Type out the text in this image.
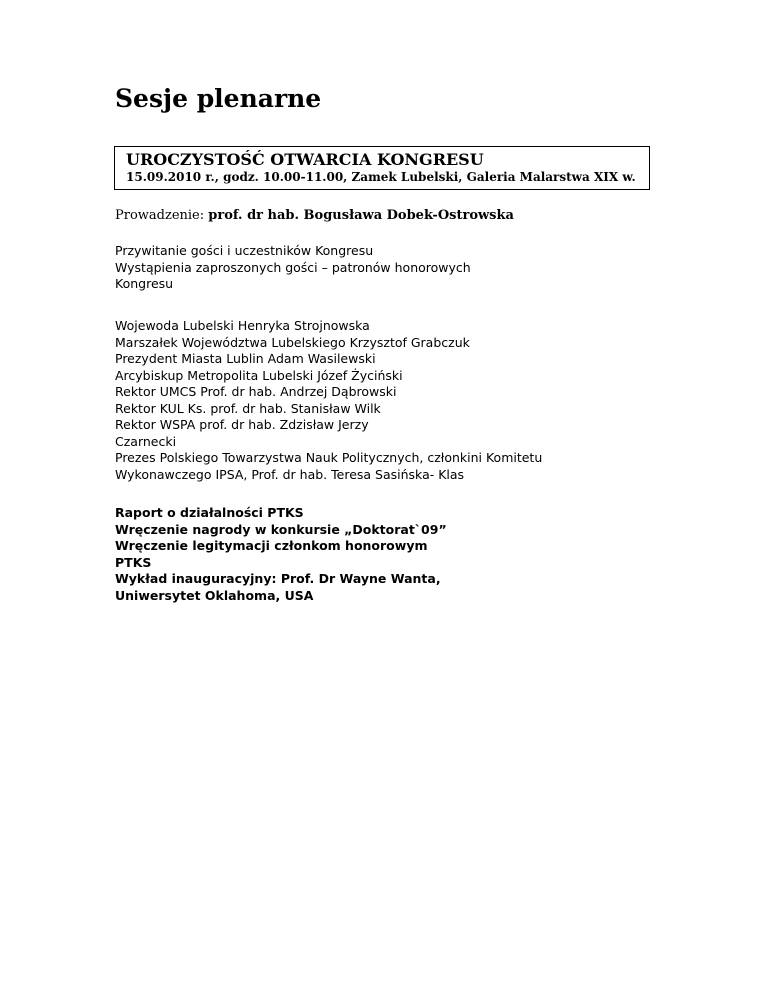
Sesje plenarne
UROCZYSTOŚĆ OTWARCIA KONGRESU
15.09.2010 r., godz. 10.00-11.00, Zamek Lubelski, Galeria Malarstwa XIX w.
Prowadzenie: prof. dr hab. Bogusława Dobek-Ostrowska
Przywitanie gości i uczestników Kongresu
Wystąpienia zaproszonych gości – patronów honorowych
Kongresu
Wojewoda Lubelski Henryka Strojnowska
Marszałek Województwa Lubelskiego Krzysztof Grabczuk
Prezydent Miasta Lublin Adam Wasilewski
Arcybiskup Metropolita Lubelski Józef Życiński
Rektor UMCS Prof. dr hab. Andrzej Dąbrowski
Rektor KUL Ks. prof. dr hab. Stanisław Wilk
Rektor WSPA prof. dr hab. Zdzisław Jerzy
Czarnecki
Prezes Polskiego Towarzystwa Nauk Politycznych, członkini Komitetu
Wykonawczego IPSA, Prof. dr hab. Teresa Sasińska- Klas
Raport o działalności PTKS
Wręczenie nagrody w konkursie „Doktorat`09”
Wręczenie legitymacji członkom honorowym
PTKS
Wykład inauguracyjny: Prof. Dr Wayne Wanta,
Uniwersytet Oklahoma, USA
